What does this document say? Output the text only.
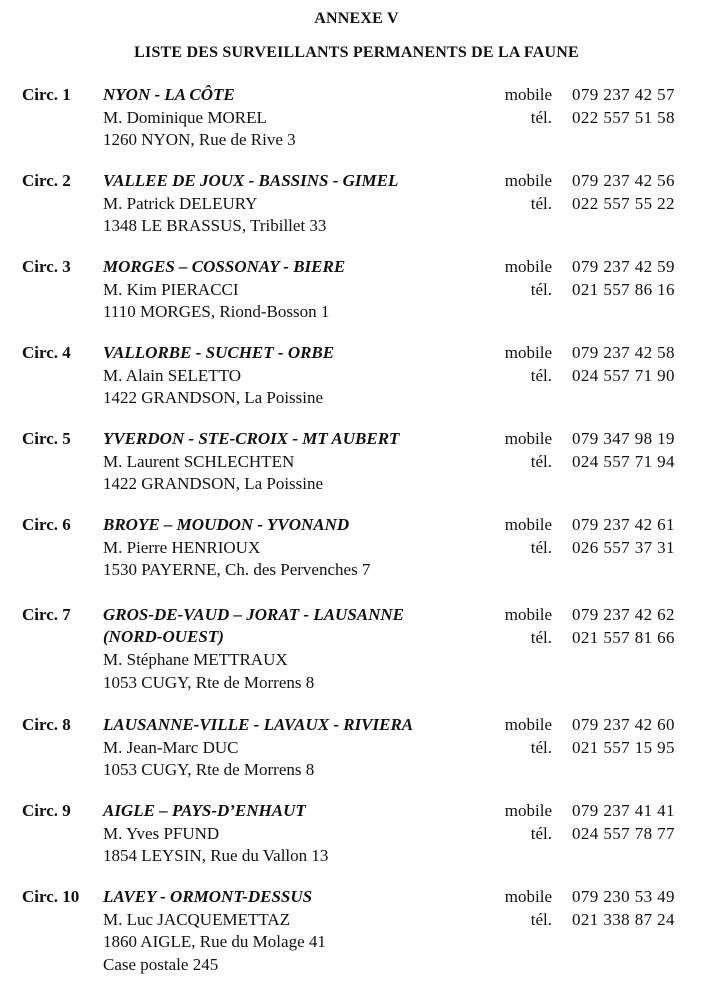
ANNEXE V
LISTE DES SURVEILLANTS PERMANENTS DE LA FAUNE
Circ. 1 NYON - LA CÔTE
M. Dominique MOREL
1260 NYON, Rue de Rive 3
mobile	079 237 42 57
tél.	022 557 51 58
Circ. 2 VALLEE DE JOUX - BASSINS - GIMEL
M. Patrick DELEURY
1348 LE BRASSUS, Tribillet 33
mobile	079 237 42 56
tél.	022 557 55 22
Circ. 3 MORGES – COSSONAY - BIERE
M. Kim PIERACCI
1110 MORGES, Riond-Bosson 1
mobile	079 237 42 59
tél.	021 557 86 16
Circ. 4 VALLORBE - SUCHET - ORBE
M. Alain SELETTO
1422 GRANDSON, La Poissine
mobile	079 237 42 58
tél.	024 557 71 90
Circ. 5 YVERDON - STE-CROIX - MT AUBERT
M. Laurent SCHLECHTEN
1422 GRANDSON, La Poissine
mobile	079 347 98 19
tél.	024 557 71 94
Circ. 6 BROYE – MOUDON - YVONAND
M. Pierre HENRIOUX
1530 PAYERNE, Ch. des Pervenches 7
mobile	079 237 42 61
tél.	026 557 37 31
Circ. 7 GROS-DE-VAUD – JORAT - LAUSANNE
(NORD-OUEST)
M. Stéphane METTRAUX
1053 CUGY, Rte de Morrens 8
mobile	079 237 42 62
tél.	021 557 81 66
Circ. 8 LAUSANNE-VILLE - LAVAUX - RIVIERA
M. Jean-Marc DUC
1053 CUGY, Rte de Morrens 8
mobile	079 237 42 60
tél.	021 557 15 95
Circ. 9 AIGLE – PAYS-D’ENHAUT
M. Yves PFUND
1854 LEYSIN, Rue du Vallon 13
mobile	079 237 41 41
tél.	024 557 78 77
Circ. 10 LAVEY - ORMONT-DESSUS
M. Luc JACQUEMETTAZ
1860 AIGLE, Rue du Molage 41
Case postale 245
mobile	079 230 53 49
tél.	021 338 87 24
